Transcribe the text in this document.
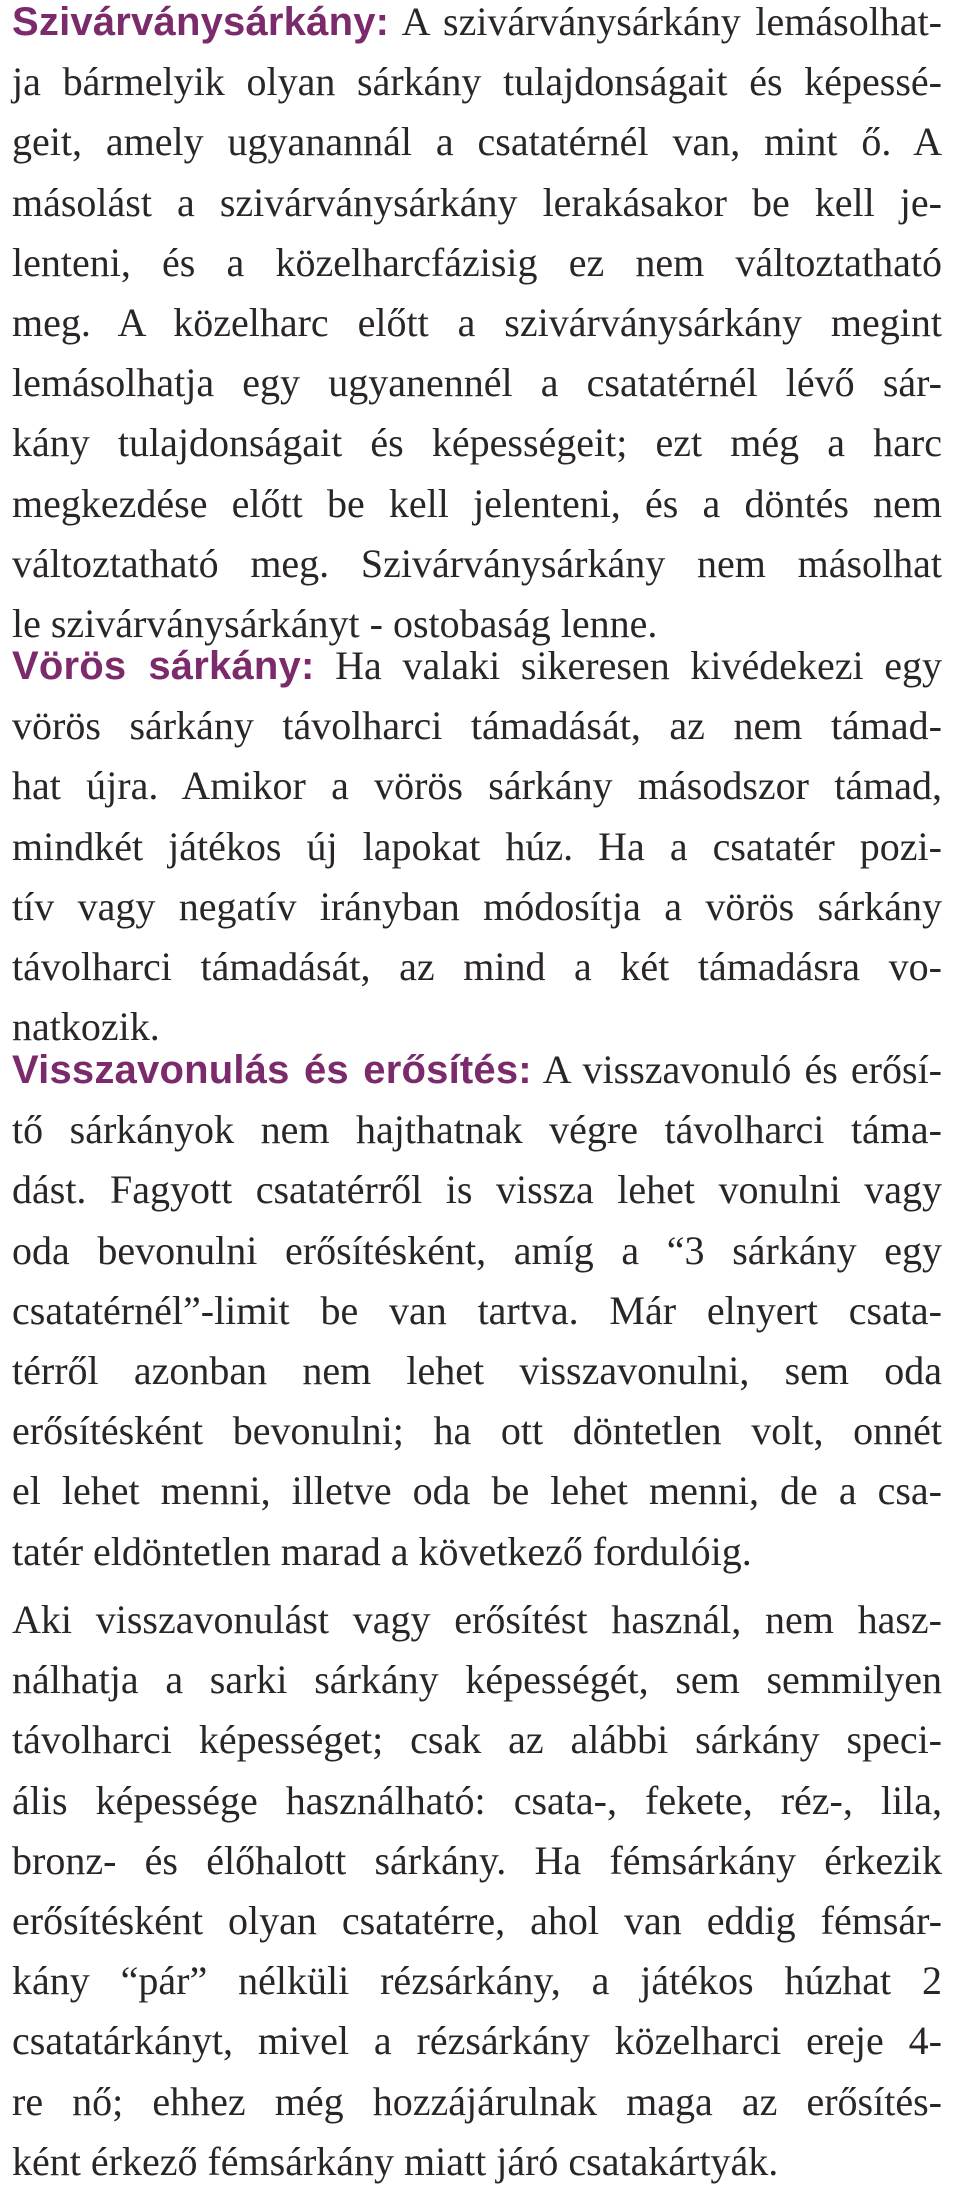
Szivárványsárkány: A szivárványsárkány lemásolhat-
ja bármelyik olyan sárkány tulajdonságait és képessé-
geit, amely ugyanannál a csatatérnél van, mint ő. A
másolást a szivárványsárkány lerakásakor be kell je-
lenteni, és a közelharcfázisig ez nem változtatható
meg. A közelharc előtt a szivárványsárkány megint
lemásolhatja egy ugyanennél a csatatérnél lévő sár-
kány tulajdonságait és képességeit; ezt még a harc
megkezdése előtt be kell jelenteni, és a döntés nem
változtatható meg. Szivárványsárkány nem másolhat
le szivárványsárkányt - ostobaság lenne.
Vörös sárkány: Ha valaki sikeresen kivédekezi egy
vörös sárkány távolharci támadását, az nem támad-
hat újra. Amikor a vörös sárkány másodszor támad,
mindkét játékos új lapokat húz. Ha a csatatér pozi-
tív vagy negatív irányban módosítja a vörös sárkány
távolharci támadását, az mind a két támadásra vo-
natkozik.
Visszavonulás és erősítés: A visszavonuló és erősí-
tő sárkányok nem hajthatnak végre távolharci táma-
dást. Fagyott csatatérről is vissza lehet vonulni vagy
oda bevonulni erősítésként, amíg a “3 sárkány egy
csatatérnél”-limit be van tartva. Már elnyert csata-
térről azonban nem lehet visszavonulni, sem oda
erősítésként bevonulni; ha ott döntetlen volt, onnét
el lehet menni, illetve oda be lehet menni, de a csa-
tatér eldöntetlen marad a következő fordulóig.
Aki visszavonulást vagy erősítést használ, nem hasz-
nálhatja a sarki sárkány képességét, sem semmilyen
távolharci képességet; csak az alábbi sárkány speci-
ális képessége használható: csata-, fekete, réz-, lila,
bronz- és élőhalott sárkány. Ha fémsárkány érkezik
erősítésként olyan csatatérre, ahol van eddig fémsár-
kány “pár” nélküli rézsárkány, a játékos húzhat 2
csatatárkányt, mivel a rézsárkány közelharci ereje 4-
re nő; ehhez még hozzájárulnak maga az erősítés-
ként érkező fémsárkány miatt járó csatakártyák.
